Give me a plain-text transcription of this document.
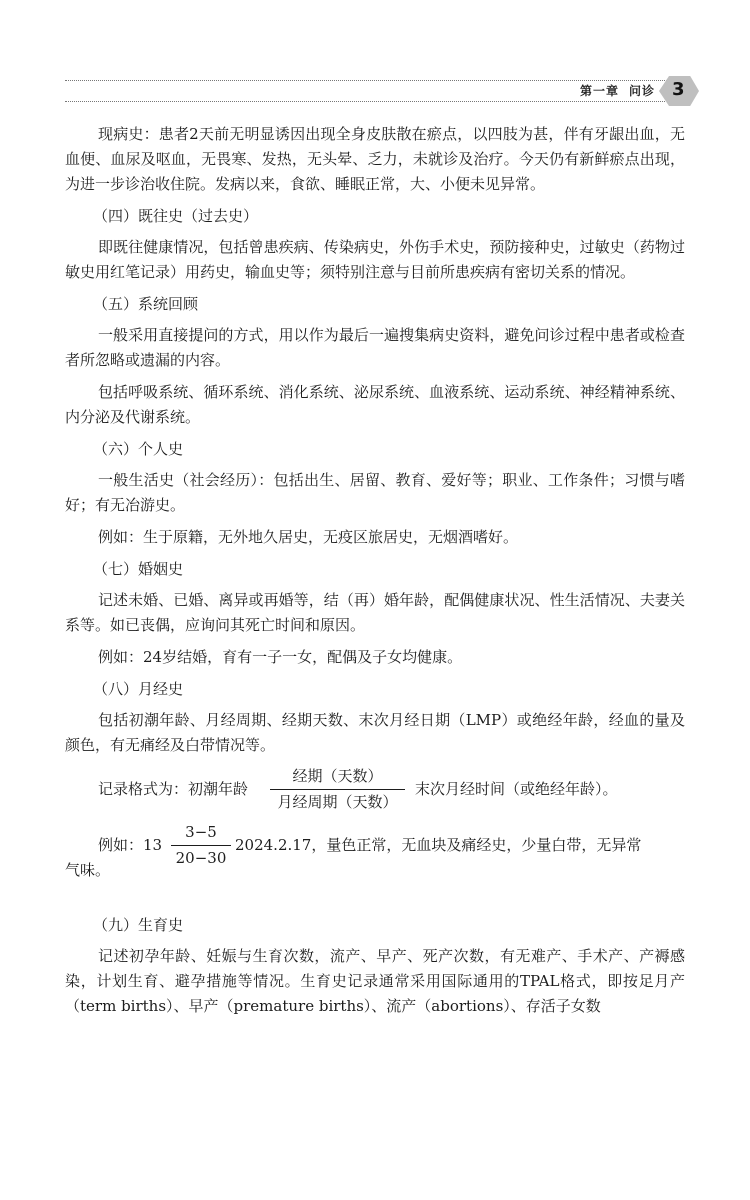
第一章 问诊 3

现病史：患者2天前无明显诱因出现全身皮肤散在瘀点，以四肢为甚，伴有牙龈出血，无血便、血尿及呕血，无畏寒、发热，无头晕、乏力，未就诊及治疗。今天仍有新鲜瘀点出现，为进一步诊治收住院。发病以来，食欲、睡眠正常，大、小便未见异常。

（四）既往史（过去史）

即既往健康情况，包括曾患疾病、传染病史，外伤手术史，预防接种史，过敏史（药物过敏史用红笔记录）用药史，输血史等；须特别注意与目前所患疾病有密切关系的情况。

（五）系统回顾

一般采用直接提问的方式，用以作为最后一遍搜集病史资料，避免问诊过程中患者或检查者所忽略或遗漏的内容。

包括呼吸系统、循环系统、消化系统、泌尿系统、血液系统、运动系统、神经精神系统、内分泌及代谢系统。

（六）个人史

一般生活史（社会经历）：包括出生、居留、教育、爱好等；职业、工作条件；习惯与嗜好；有无冶游史。

例如：生于原籍，无外地久居史，无疫区旅居史，无烟酒嗜好。

（七）婚姻史

记述未婚、已婚、离异或再婚等，结（再）婚年龄，配偶健康状况、性生活情况、夫妻关系等。如已丧偶，应询问其死亡时间和原因。

例如：24岁结婚，育有一子一女，配偶及子女均健康。

（八）月经史

包括初潮年龄、月经周期、经期天数、末次月经日期（LMP）或绝经年龄，经血的量及颜色，有无痛经及白带情况等。

记录格式为：初潮年龄
经期（天数）
月经周期（天数）
末次月经时间（或绝经年龄）。
例如：$13 \frac{3-5}{20-30} 2024.2.17$，量色正常，无血块及痛经史，少量白带，无异常
气味。
（九）生育史

记述初孕年龄、妊娠与生育次数，流产、早产、死产次数，有无难产、手术产、产褥感染，计划生育、避孕措施等情况。生育史记录通常采用国际通用的TPAL格式，即按足月产（term births）、早产（premature births）、流产（abortions）、存活子女数
